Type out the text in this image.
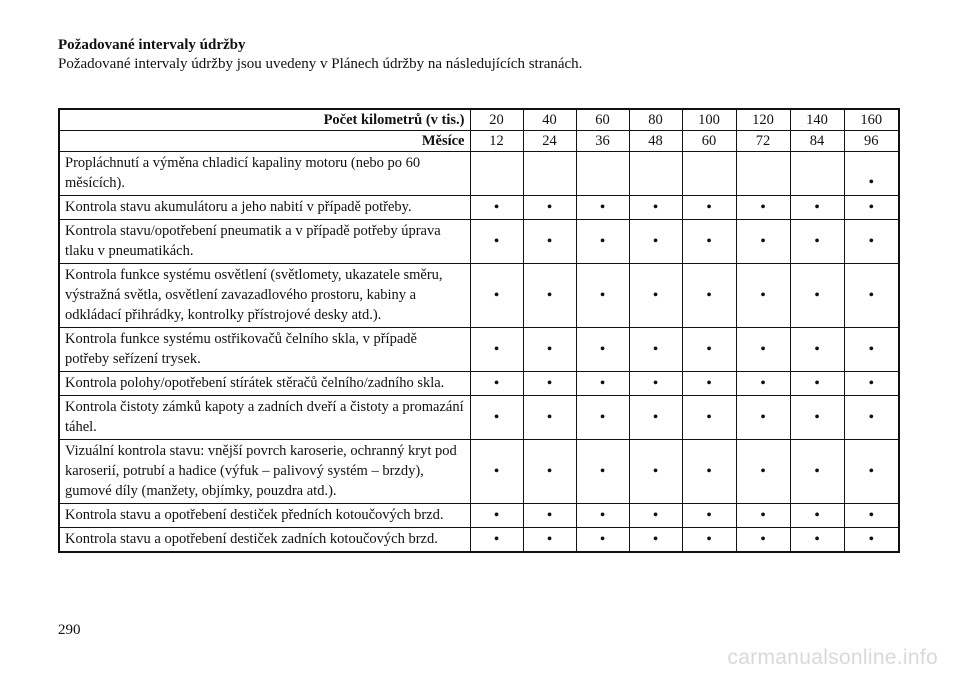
Požadované intervaly údržby
Požadované intervaly údržby jsou uvedeny v Plánech údržby na následujících stranách.
Počet kilometrů (v tis.)	20	40	60	80	100	120	140	160
Měsíce	12	24	36	48	60	72	84	96
Propláchnutí a výměna chladicí kapaliny motoru (nebo po 60 měsících).								•
Kontrola stavu akumulátoru a jeho nabití v případě potřeby.	•	•	•	•	•	•	•	•
Kontrola stavu/opotřebení pneumatik a v případě potřeby úprava tlaku v pneumatikách.	•	•	•	•	•	•	•	•
Kontrola funkce systému osvětlení (světlomety, ukazatele směru, výstražná světla, osvětlení zavazadlového prostoru, kabiny a odkládací přihrádky, kontrolky přístrojové desky atd.).	•	•	•	•	•	•	•	•
Kontrola funkce systému ostřikovačů čelního skla, v případě potřeby seřízení trysek.	•	•	•	•	•	•	•	•
Kontrola polohy/opotřebení stírátek stěračů čelního/zadního skla.	•	•	•	•	•	•	•	•
Kontrola čistoty zámků kapoty a zadních dveří a čistoty a promazání táhel.	•	•	•	•	•	•	•	•
Vizuální kontrola stavu: vnější povrch karoserie, ochranný kryt pod karoserií, potrubí a hadice (výfuk – palivový systém – brzdy), gumové díly (manžety, objímky, pouzdra atd.).	•	•	•	•	•	•	•	•
Kontrola stavu a opotřebení destiček předních kotoučových brzd.	•	•	•	•	•	•	•	•
Kontrola stavu a opotřebení destiček zadních kotoučových brzd.	•	•	•	•	•	•	•	•
290
carmanualsonline.info
